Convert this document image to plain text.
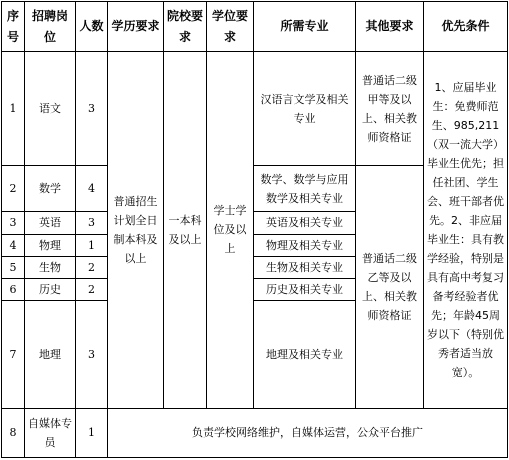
序号	招聘岗位	人数	学历要求	院校要求	学位要求	所需专业	其他要求	优先条件
1	语文	3	普通招生计划全日制本科及以上	一本科及以上	学士学位及以上	汉语言文学及相关专业	普通话二级甲等及以上、相关教师资格证	1、应届毕业生：免费师范生、985,211（双一流大学）毕业生优先；担任社团、学生会、班干部者优先。2、非应届毕业生：具有教学经验，特别是具有高中考复习备考经验者优先；年龄45周岁以下（特别优秀者适当放宽）。
2	数学	4				数学、数学与应用数学及相关专业	普通话二级乙等及以上、相关教师资格证	
3	英语	3				英语及相关专业		
4	物理	1				物理及相关专业		
5	生物	2				生物及相关专业		
6	历史	2				历史及相关专业		
7	地理	3				地理及相关专业		
8	自媒体专员	1	负责学校网络维护，自媒体运营，公众平台推广					
